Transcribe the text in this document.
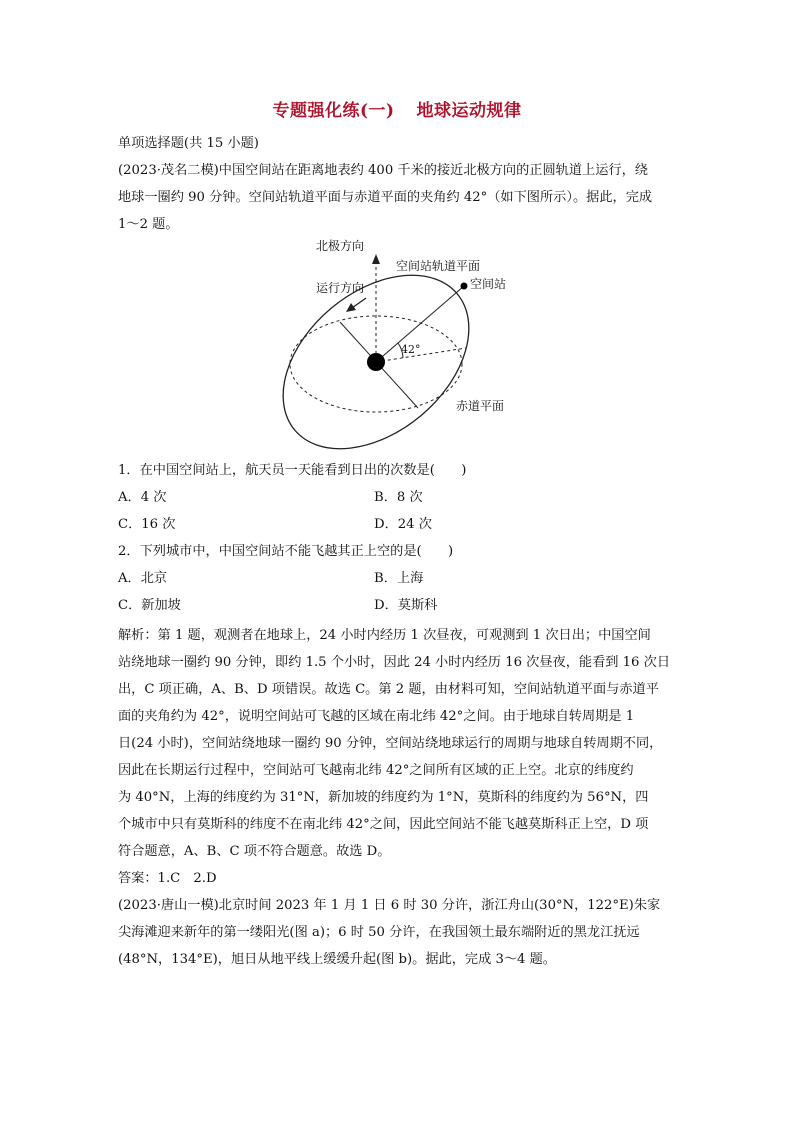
专题强化练(一) 地球运动规律
单项选择题(共 15 小题)
(2023·茂名二模)中国空间站在距离地表约 400 千米的接近北极方向的正圆轨道上运行，绕
地球一圈约 90 分钟。空间站轨道平面与赤道平面的夹角约 42°（如下图所示）。据此，完成
1～2 题。
北极方向
空间站轨道平面
运行方向	空间站
42°
赤道平面
1．在中国空间站上，航天员一天能看到日出的次数是(　　)
A．4 次	B．8 次
C．16 次	D．24 次
2．下列城市中，中国空间站不能飞越其正上空的是(　　)
A．北京	B．上海
C．新加坡	D．莫斯科
解析：第 1 题，观测者在地球上，24 小时内经历 1 次昼夜，可观测到 1 次日出；中国空间
站绕地球一圈约 90 分钟，即约 1.5 个小时，因此 24 小时内经历 16 次昼夜，能看到 16 次日
出，C 项正确，A、B、D 项错误。故选 C。第 2 题，由材料可知，空间站轨道平面与赤道平
面的夹角约为 42°，说明空间站可飞越的区域在南北纬 42°之间。由于地球自转周期是 1
日(24 小时)，空间站绕地球一圈约 90 分钟，空间站绕地球运行的周期与地球自转周期不同，
因此在长期运行过程中，空间站可飞越南北纬 42°之间所有区域的正上空。北京的纬度约
为 40°N，上海的纬度约为 31°N，新加坡的纬度约为 1°N，莫斯科的纬度约为 56°N，四
个城市中只有莫斯科的纬度不在南北纬 42°之间，因此空间站不能飞越莫斯科正上空，D 项
符合题意，A、B、C 项不符合题意。故选 D。
答案：1.C　2.D
(2023·唐山一模)北京时间 2023 年 1 月 1 日 6 时 30 分许，浙江舟山(30°N，122°E)朱家
尖海滩迎来新年的第一缕阳光(图 a)；6 时 50 分许，在我国领土最东端附近的黑龙江抚远
(48°N，134°E)，旭日从地平线上缓缓升起(图 b)。据此，完成 3～4 题。
